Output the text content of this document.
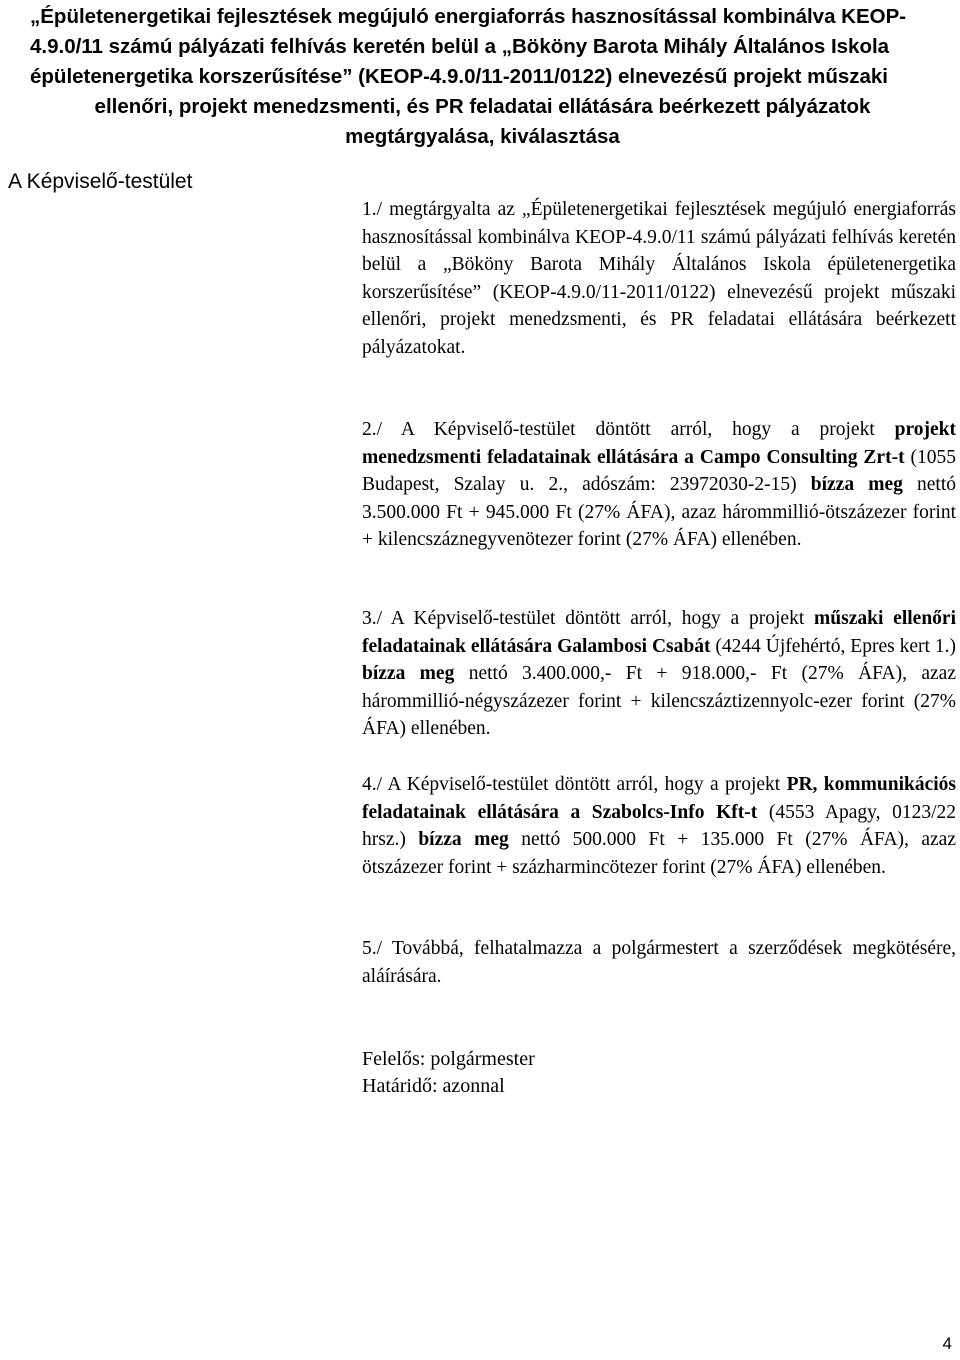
„Épületenergetikai fejlesztések megújuló energiaforrás hasznosítással kombinálva KEOP-
4.9.0/11 számú pályázati felhívás keretén belül a „Bököny Barota Mihály Általános Iskola
épületenergetika korszerűsítése” (KEOP-4.9.0/11-2011/0122) elnevezésű projekt műszaki
ellenőri, projekt menedzsmenti, és PR feladatai ellátására beérkezett pályázatok
megtárgyalása, kiválasztása

A Képviselő-testület

1./ megtárgyalta az „Épületenergetikai fejlesztések megújuló energiaforrás hasznosítással kombinálva KEOP-4.9.0/11 számú pályázati felhívás keretén belül a „Bököny Barota Mihály Általános Iskola épületenergetika korszerűsítése” (KEOP-4.9.0/11-2011/0122) elnevezésű projekt műszaki ellenőri, projekt menedzsmenti, és PR feladatai ellátására beérkezett pályázatokat.

2./ A Képviselő-testület döntött arról, hogy a projekt projekt menedzsmenti feladatainak ellátására a Campo Consulting Zrt-t (1055 Budapest, Szalay u. 2., adószám: 23972030-2-15) bízza meg nettó 3.500.000 Ft + 945.000 Ft (27% ÁFA), azaz hárommillió-ötszázezer forint + kilencszáznegyvenötezer forint (27% ÁFA) ellenében.

3./ A Képviselő-testület döntött arról, hogy a projekt műszaki ellenőri feladatainak ellátására Galambosi Csabát (4244 Újfehértó, Epres kert 1.) bízza meg nettó 3.400.000,- Ft + 918.000,- Ft (27% ÁFA), azaz hárommillió-négyszázezer forint + kilencszáztizennyolc-ezer forint (27% ÁFA) ellenében.

4./ A Képviselő-testület döntött arról, hogy a projekt PR, kommunikációs feladatainak ellátására a Szabolcs-Info Kft-t (4553 Apagy, 0123/22 hrsz.) bízza meg nettó 500.000 Ft + 135.000 Ft (27% ÁFA), azaz ötszázezer forint + százharmincötezer forint (27% ÁFA) ellenében.

5./ Továbbá, felhatalmazza a polgármestert a szerződések megkötésére, aláírására.

Felelős: polgármester
Határidő: azonnal

4
